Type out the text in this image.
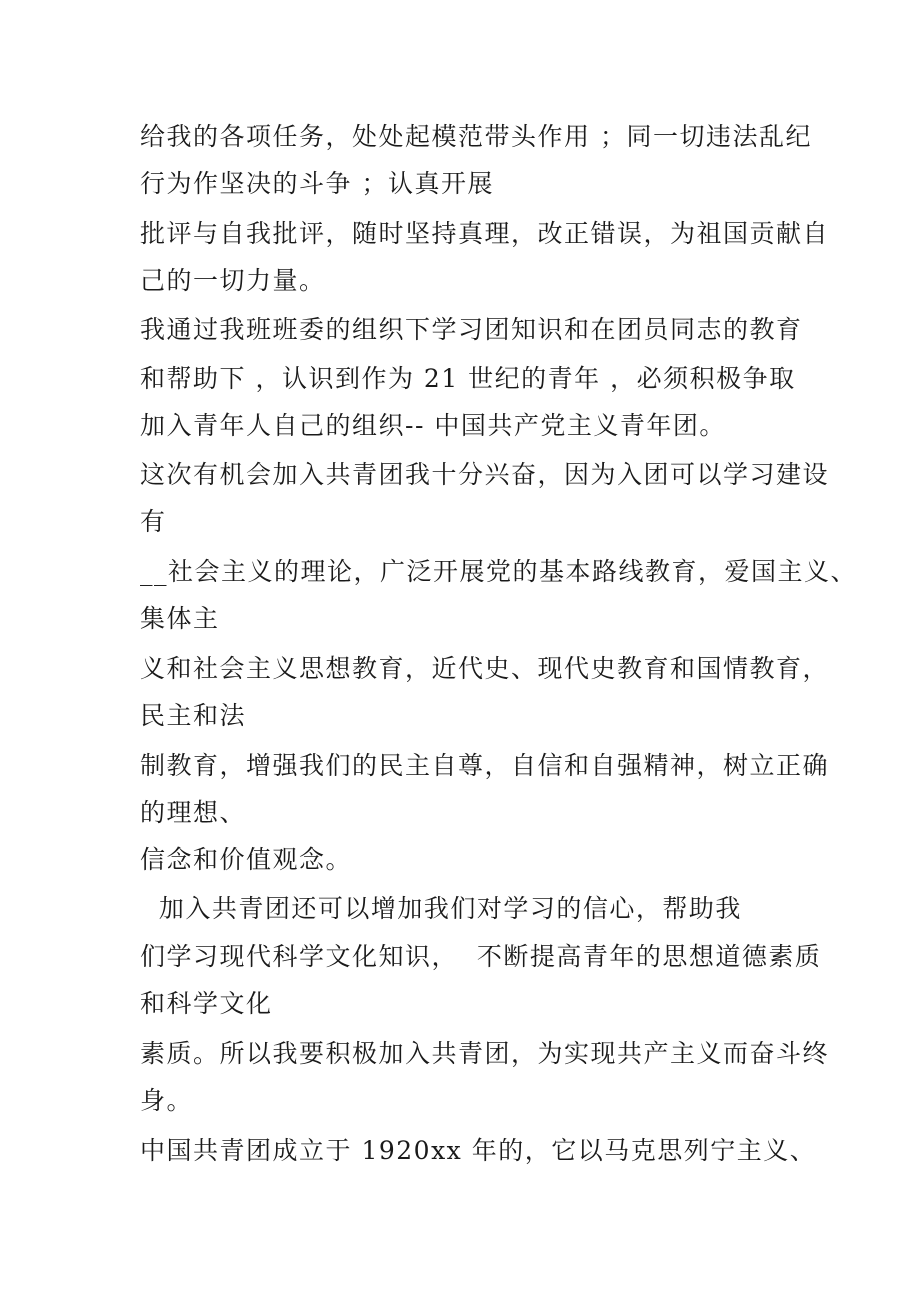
给我的各项任务，处处起模范带头作用 ；同一切违法乱纪

行为作坚决的斗争 ；认真开展

批评与自我批评，随时坚持真理，改正错误，为祖国贡献自

己的一切力量。

我通过我班班委的组织下学习团知识和在团员同志的教育

和帮助下 ，认识到作为 21 世纪的青年 ，必须积极争取

加入青年人自己的组织-- 中国共产党主义青年团。

这次有机会加入共青团我十分兴奋，因为入团可以学习建设

有

__社会主义的理论，广泛开展党的基本路线教育，爱国主义、

集体主

义和社会主义思想教育，近代史、现代史教育和国情教育，

民主和法

制教育，增强我们的民主自尊，自信和自强精神，树立正确

的理想、

信念和价值观念。

加入共青团还可以增加我们对学习的信心，帮助我

们学习现代科学文化知识，  不断提高青年的思想道德素质

和科学文化

素质。所以我要积极加入共青团，为实现共产主义而奋斗终

身。

中国共青团成立于 1920xx 年的，它以马克思列宁主义、
